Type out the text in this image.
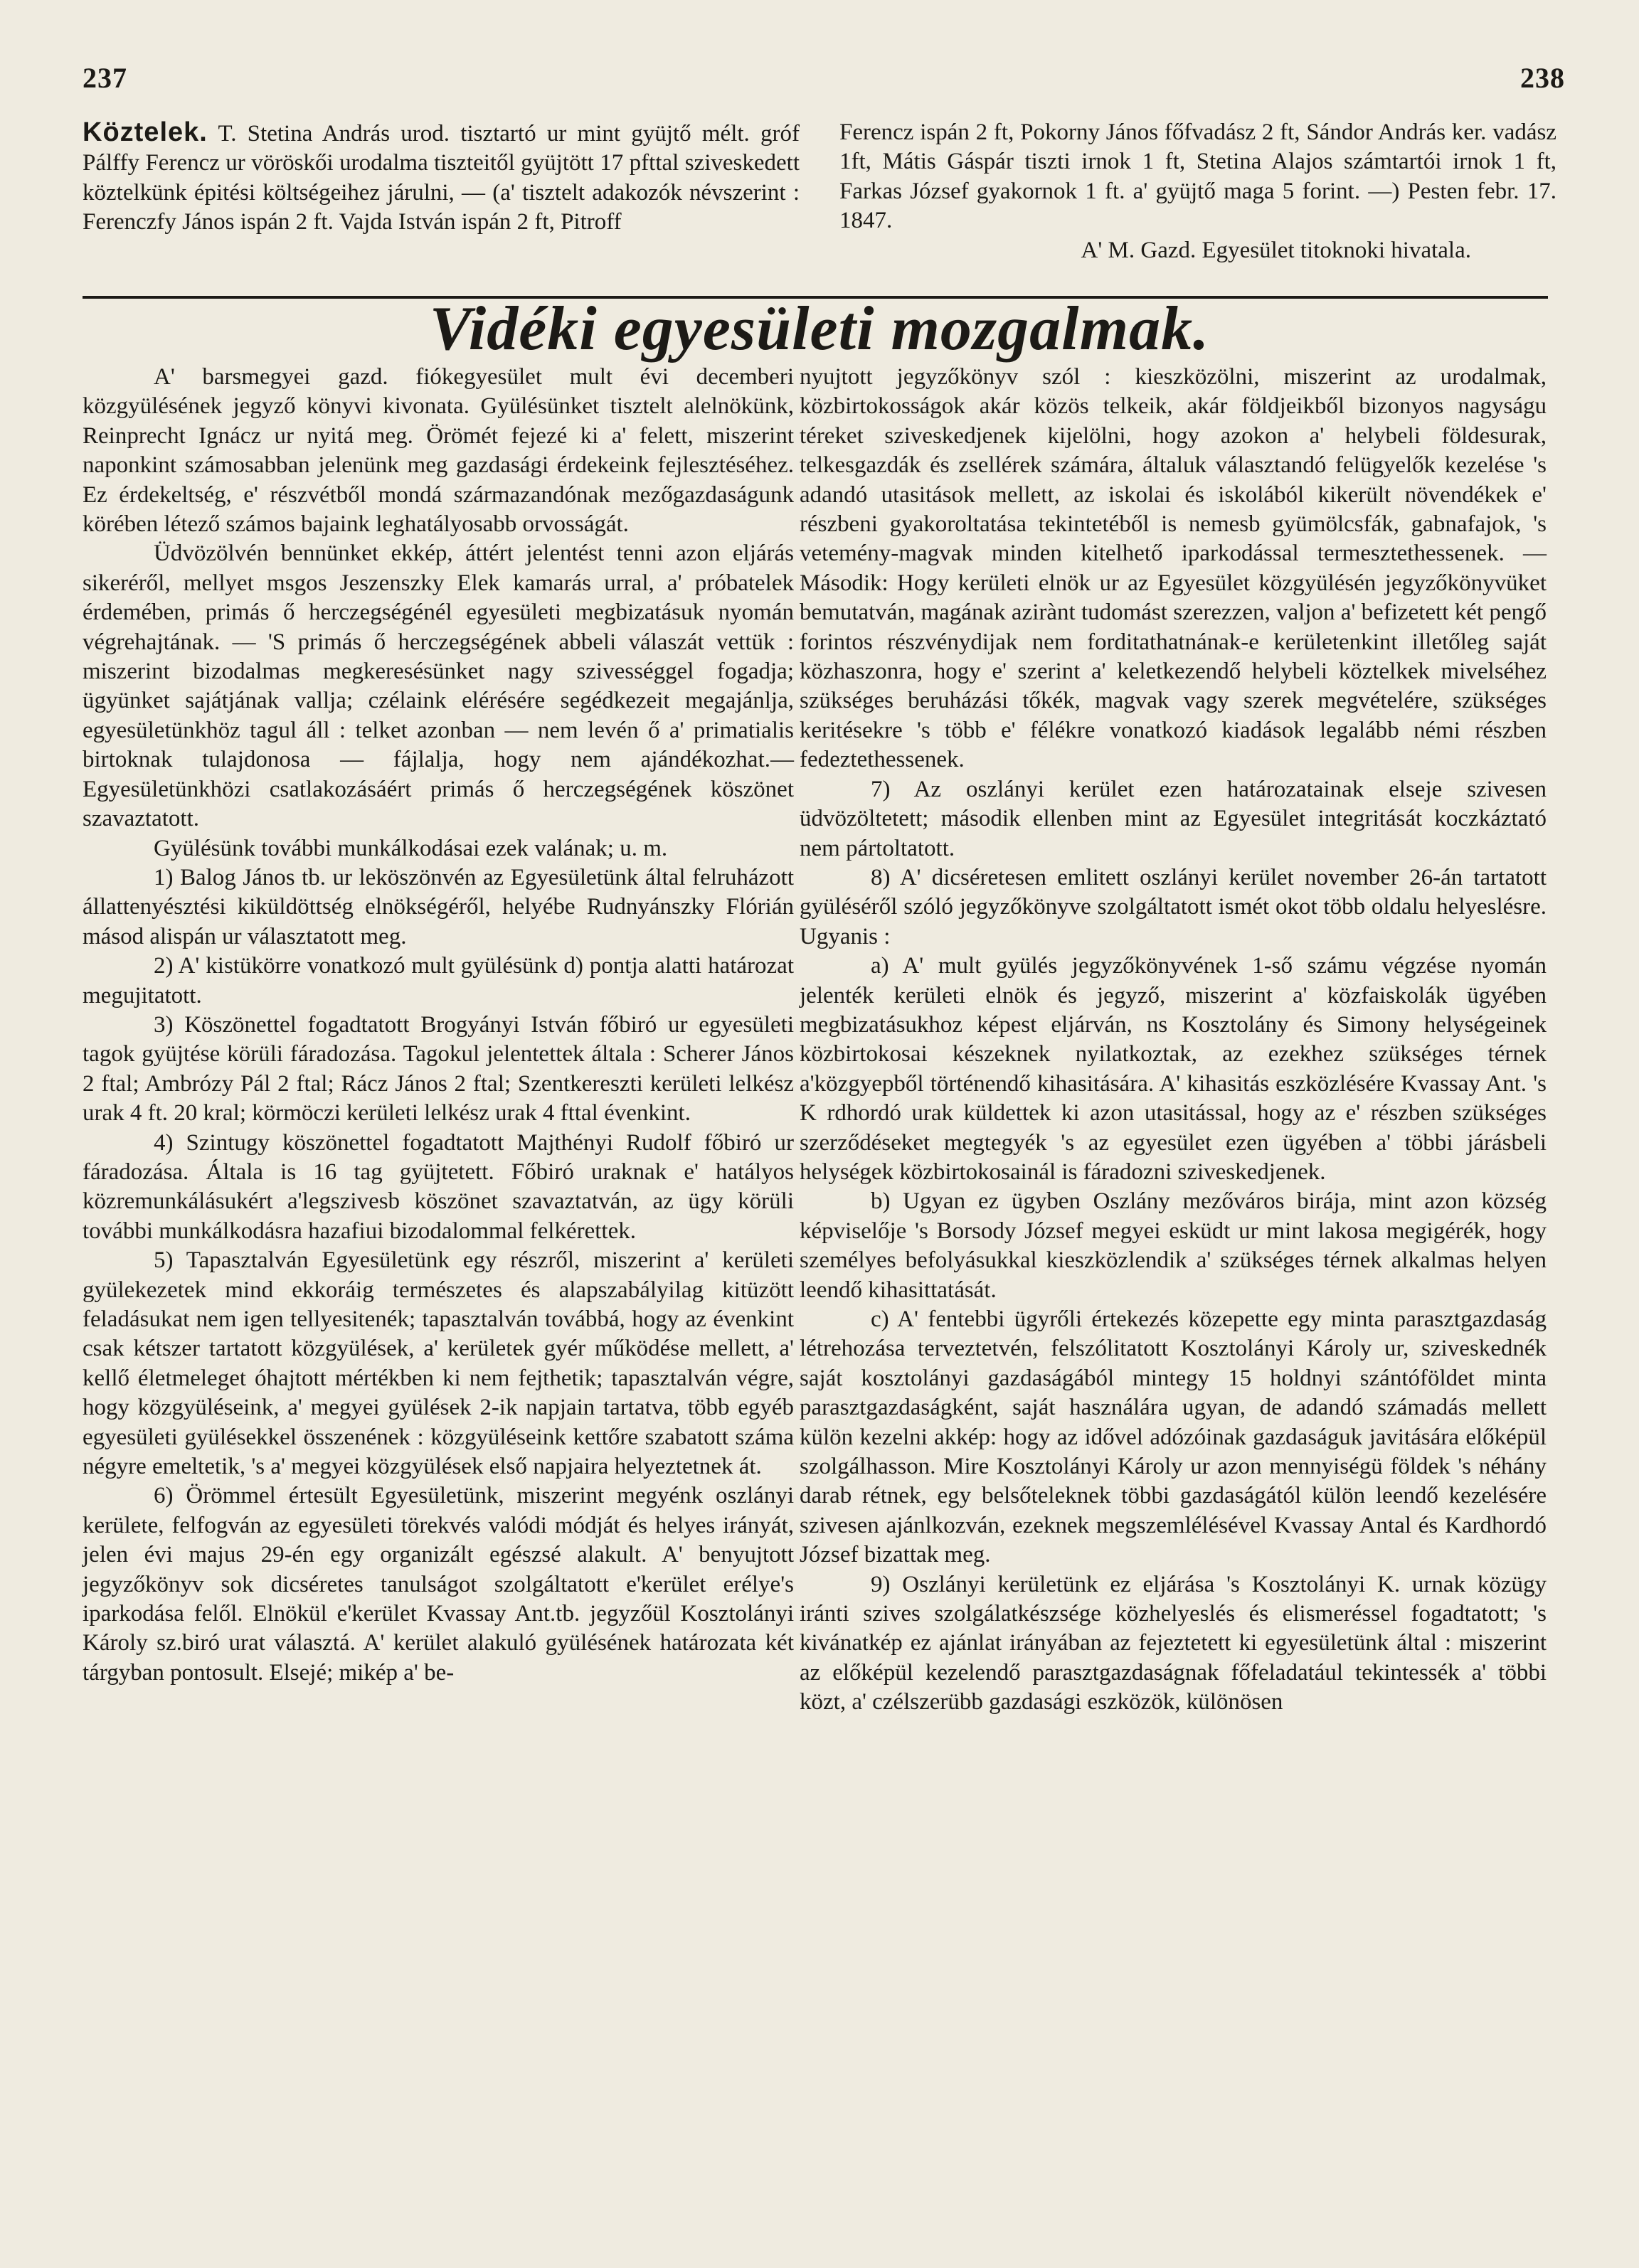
237	238

Köztelek. T. Stetina András urod. tisztartó ur mint gyüjtő mélt. gróf Pálffy Ferencz ur vöröskői urodalma tiszteitől gyüjtött 17 pfttal sziveskedett köztelkünk épitési költségeihez járulni, — (a' tisztelt adakozók névszerint : Ferenczfy János ispán 2 ft. Vajda István ispán 2 ft, Pitroff

Ferencz ispán 2 ft, Pokorny János főfvadász 2 ft, Sándor András ker. vadász 1ft, Mátis Gáspár tiszti irnok 1 ft, Stetina Alajos számtartói irnok 1 ft, Farkas József gyakornok 1 ft. a' gyüjtő maga 5 forint. —) Pesten febr. 17. 1847.

A' M. Gazd. Egyesület titoknoki hivatala.

Vidéki egyesületi mozgalmak.

A' barsmegyei gazd. fiókegyesület mult évi decemberi közgyülésének jegyző könyvi kivonata. Gyülésünket tisztelt alelnökünk, Reinprecht Ignácz ur nyitá meg. Örömét fejezé ki a' felett, miszerint naponkint számosabban jelenünk meg gazdasági érdekeink fejlesztéséhez. Ez érdekeltség, e' részvétből mondá származandónak mezőgazdaságunk körében létező számos bajaink leghatályosabb orvosságát.

Üdvözölvén bennünket ekkép, áttért jelentést tenni azon eljárás sikeréről, mellyet msgos Jeszenszky Elek kamarás urral, a' próbatelek érdemében, primás ő herczegségénél egyesületi megbizatásuk nyomán végrehajtának. — 'S primás ő herczegségének abbeli válaszát vettük : miszerint bizodalmas megkeresésünket nagy szivességgel fogadja; ügyünket sajátjának vallja; czélaink elérésére segédkezeit megajánlja, egyesületünkhöz tagul áll : telket azonban — nem levén ő a' primatialis birtoknak tulajdonosa — fájlalja, hogy nem ajándékozhat.— Egyesületünkhözi csatlakozásáért primás ő herczegségének köszönet szavaztatott.

Gyülésünk további munkálkodásai ezek valának; u. m.

1) Balog János tb. ur leköszönvén az Egyesületünk által felruházott állattenyésztési kiküldöttség elnökségéről, helyébe Rudnyánszky Flórián másod alispán ur választatott meg.

2) A' kistükörre vonatkozó mult gyülésünk d) pontja alatti határozat megujitatott.

3) Köszönettel fogadtatott Brogyányi István főbiró ur egyesületi tagok gyüjtése körüli fáradozása. Tagokul jelentettek általa : Scherer János 2 ftal; Ambrózy Pál 2 ftal; Rácz János 2 ftal; Szentkereszti kerületi lelkész urak 4 ft. 20 kral; körmöczi kerületi lelkész urak 4 fttal évenkint.

4) Szintugy köszönettel fogadtatott Majthényi Rudolf főbiró ur fáradozása. Általa is 16 tag gyüjtetett. Főbiró uraknak e' hatályos közremunkálásukért a'legszivesb köszönet szavaztatván, az ügy körüli további munkálkodásra hazafiui bizodalommal felkérettek.

5) Tapasztalván Egyesületünk egy részről, miszerint a' kerületi gyülekezetek mind ekkoráig természetes és alapszabályilag kitüzött feladásukat nem igen tellyesitenék; tapasztalván továbbá, hogy az évenkint csak kétszer tartatott közgyülések, a' kerületek gyér működése mellett, a' kellő életmeleget óhajtott mértékben ki nem fejthetik; tapasztalván végre, hogy közgyüléseink, a' megyei gyülések 2-ik napjain tartatva, több egyéb egyesületi gyülésekkel összenének : közgyüléseink kettőre szabatott száma négyre emeltetik, 's a' megyei közgyülések első napjaira helyeztetnek át.

6) Örömmel értesült Egyesületünk, miszerint megyénk oszlányi kerülete, felfogván az egyesületi törekvés valódi módját és helyes irányát, jelen évi majus 29-én egy organizált egészsé alakult. A' benyujtott jegyzőkönyv sok dicséretes tanulságot szolgáltatott e'kerület erélye's iparkodása felől. Elnökül e'kerület Kvassay Ant.tb. jegyzőül Kosztolányi Károly sz.biró urat választá. A' kerület alakuló gyülésének határozata két tárgyban pontosult. Elsejé; mikép a' be-

nyujtott jegyzőkönyv szól : kieszközölni, miszerint az urodalmak, közbirtokosságok akár közös telkeik, akár földjeikből bizonyos nagyságu téreket sziveskedjenek kijelölni, hogy azokon a' helybeli földesurak, telkesgazdák és zsellérek számára, általuk választandó felügyelők kezelése 's adandó utasitások mellett, az iskolai és iskolából kikerült növendékek e' részbeni gyakoroltatása tekintetéből is nemesb gyümölcsfák, gabnafajok, 's vetemény-magvak minden kitelhető iparkodással termesztethessenek. — Második: Hogy kerületi elnök ur az Egyesület közgyülésén jegyzőkönyvüket bemutatván, magának azirànt tudomást szerezzen, valjon a' befizetett két pengő forintos részvénydijak nem forditathatnának-e kerületenkint illetőleg saját közhaszonra, hogy e' szerint a' keletkezendő helybeli köztelkek mivelséhez szükséges beruházási tőkék, magvak vagy szerek megvételére, szükséges keritésekre 's több e' félékre vonatkozó kiadások legalább némi részben fedeztethessenek.

7) Az oszlányi kerület ezen határozatainak elseje szivesen üdvözöltetett; második ellenben mint az Egyesület integritását koczkáztató nem pártoltatott.

8) A' dicséretesen emlitett oszlányi kerület november 26-án tartatott gyüléséről szóló jegyzőkönyve szolgáltatott ismét okot több oldalu helyeslésre. Ugyanis :

a) A' mult gyülés jegyzőkönyvének 1-ső számu végzése nyomán jelenték kerületi elnök és jegyző, miszerint a' közfaiskolák ügyében megbizatásukhoz képest eljárván, ns Kosztolány és Simony helységeinek közbirtokosai készeknek nyilatkoztak, az ezekhez szükséges térnek a'közgyepből történendő kihasitására. A' kihasitás eszközlésére Kvassay Ant. 's K rdhordó urak küldettek ki azon utasitással, hogy az e' részben szükséges szerződéseket megtegyék 's az egyesület ezen ügyében a' többi járásbeli helységek közbirtokosainál is fáradozni sziveskedjenek.

b) Ugyan ez ügyben Oszlány mezőváros birája, mint azon község képviselője 's Borsody József megyei esküdt ur mint lakosa megigérék, hogy személyes befolyásukkal kieszközlendik a' szükséges térnek alkalmas helyen leendő kihasittatását.

c) A' fentebbi ügyrőli értekezés közepette egy minta parasztgazdaság létrehozása terveztetvén, felszólitatott Kosztolányi Károly ur, sziveskednék saját kosztolányi gazdaságából mintegy 15 holdnyi szántóföldet minta parasztgazdaságként, saját használára ugyan, de adandó számadás mellett külön kezelni akkép: hogy az idővel adózóinak gazdaságuk javitására előképül szolgálhasson. Mire Kosztolányi Károly ur azon mennyiségü földek 's néhány darab rétnek, egy belsőteleknek többi gazdaságától külön leendő kezelésére szivesen ajánlkozván, ezeknek megszemlélésével Kvassay Antal és Kardhordó József bizattak meg.

9) Oszlányi kerületünk ez eljárása 's Kosztolányi K. urnak közügy iránti szives szolgálatkészsége közhelyeslés és elismeréssel fogadtatott; 's kivánatkép ez ajánlat irányában az fejeztetett ki egyesületünk által : miszerint az előképül kezelendő parasztgazdaságnak főfeladatául tekintessék a' többi közt, a' czélszerübb gazdasági eszközök, különösen
